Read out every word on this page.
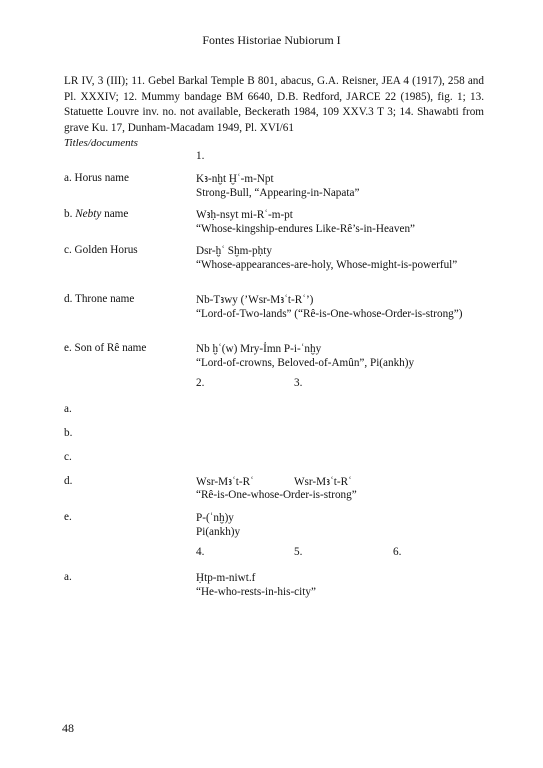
Fontes Historiae Nubiorum I
LR IV, 3 (III); 11. Gebel Barkal Temple B 801, abacus, G.A. Reisner, JEA 4 (1917), 258 and Pl. XXXIV; 12. Mummy bandage BM 6640, D.B. Redford, JARCE 22 (1985), fig. 1; 13. Statuette Louvre inv. no. not available, Beckerath 1984, 109 XXV.3 T 3; 14. Shawabti from grave Ku. 17, Dunham-Macadam 1949, Pl. XVI/61
Titles/documents
1.
a. Horus name	Kꜣ-nḫt Ḫʿ-m-Npt
Strong-Bull, “Appearing-in-Napata”
b. Nebty name	Wꜣḥ-nsyt mi-Rʿ-m-pt
“Whose-kingship-endures Like-Rê’s-in-Heaven”
c. Golden Horus	Dsr-ḫʿ Sḫm-pḥty
“Whose-appearances-are-holy, Whose-might-is-powerful”
d. Throne name	Nb-Tꜣwy (’Wsr-Mꜣʿt-Rʿ’)
“Lord-of-Two-lands” (“Rê-is-One-whose-Order-is-strong”)
e. Son of Rê name	Nb ḫʿ(w) Mry-Ỉmn P-i-ʿnḫy
“Lord-of-crowns, Beloved-of-Amûn”, Pi(ankh)y
2.	3.
a.
b.
c.
d.	Wsr-Mꜣʿt-Rʿ	Wsr-Mꜣʿt-Rʿ
“Rê-is-One-whose-Order-is-strong”
e.	P-(ʿnḫ)y
Pi(ankh)y
4.	5.	6.
a.	Ḥtp-m-niwt.f
“He-who-rests-in-his-city”
48
